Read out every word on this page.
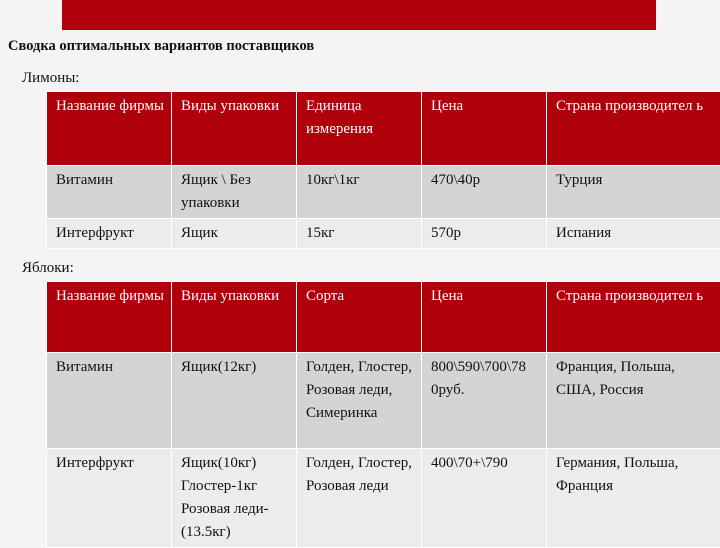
Сводка оптимальных вариантов поставщиков
Лимоны:
Название фирмы	Виды упаковки	Единица измерения	Цена	Страна производител ь
Витамин	Ящик \ Без упаковки	10кг\1кг	470\40р	Турция
Интерфрукт	Ящик	15кг	570р	Испания
Яблоки:
Название фирмы	Виды упаковки	Сорта	Цена	Страна производител ь
Витамин	Ящик(12кг)	Голден, Глостер, Розовая леди, Симеринка	800\590\700\78 0руб.	Франция, Польша, США, Россия
Интерфрукт	Ящик(10кг) Глостер-1кг Розовая леди-(13.5кг)	Голден, Глостер, Розовая леди	400\70+\790	Германия, Польша, Франция
